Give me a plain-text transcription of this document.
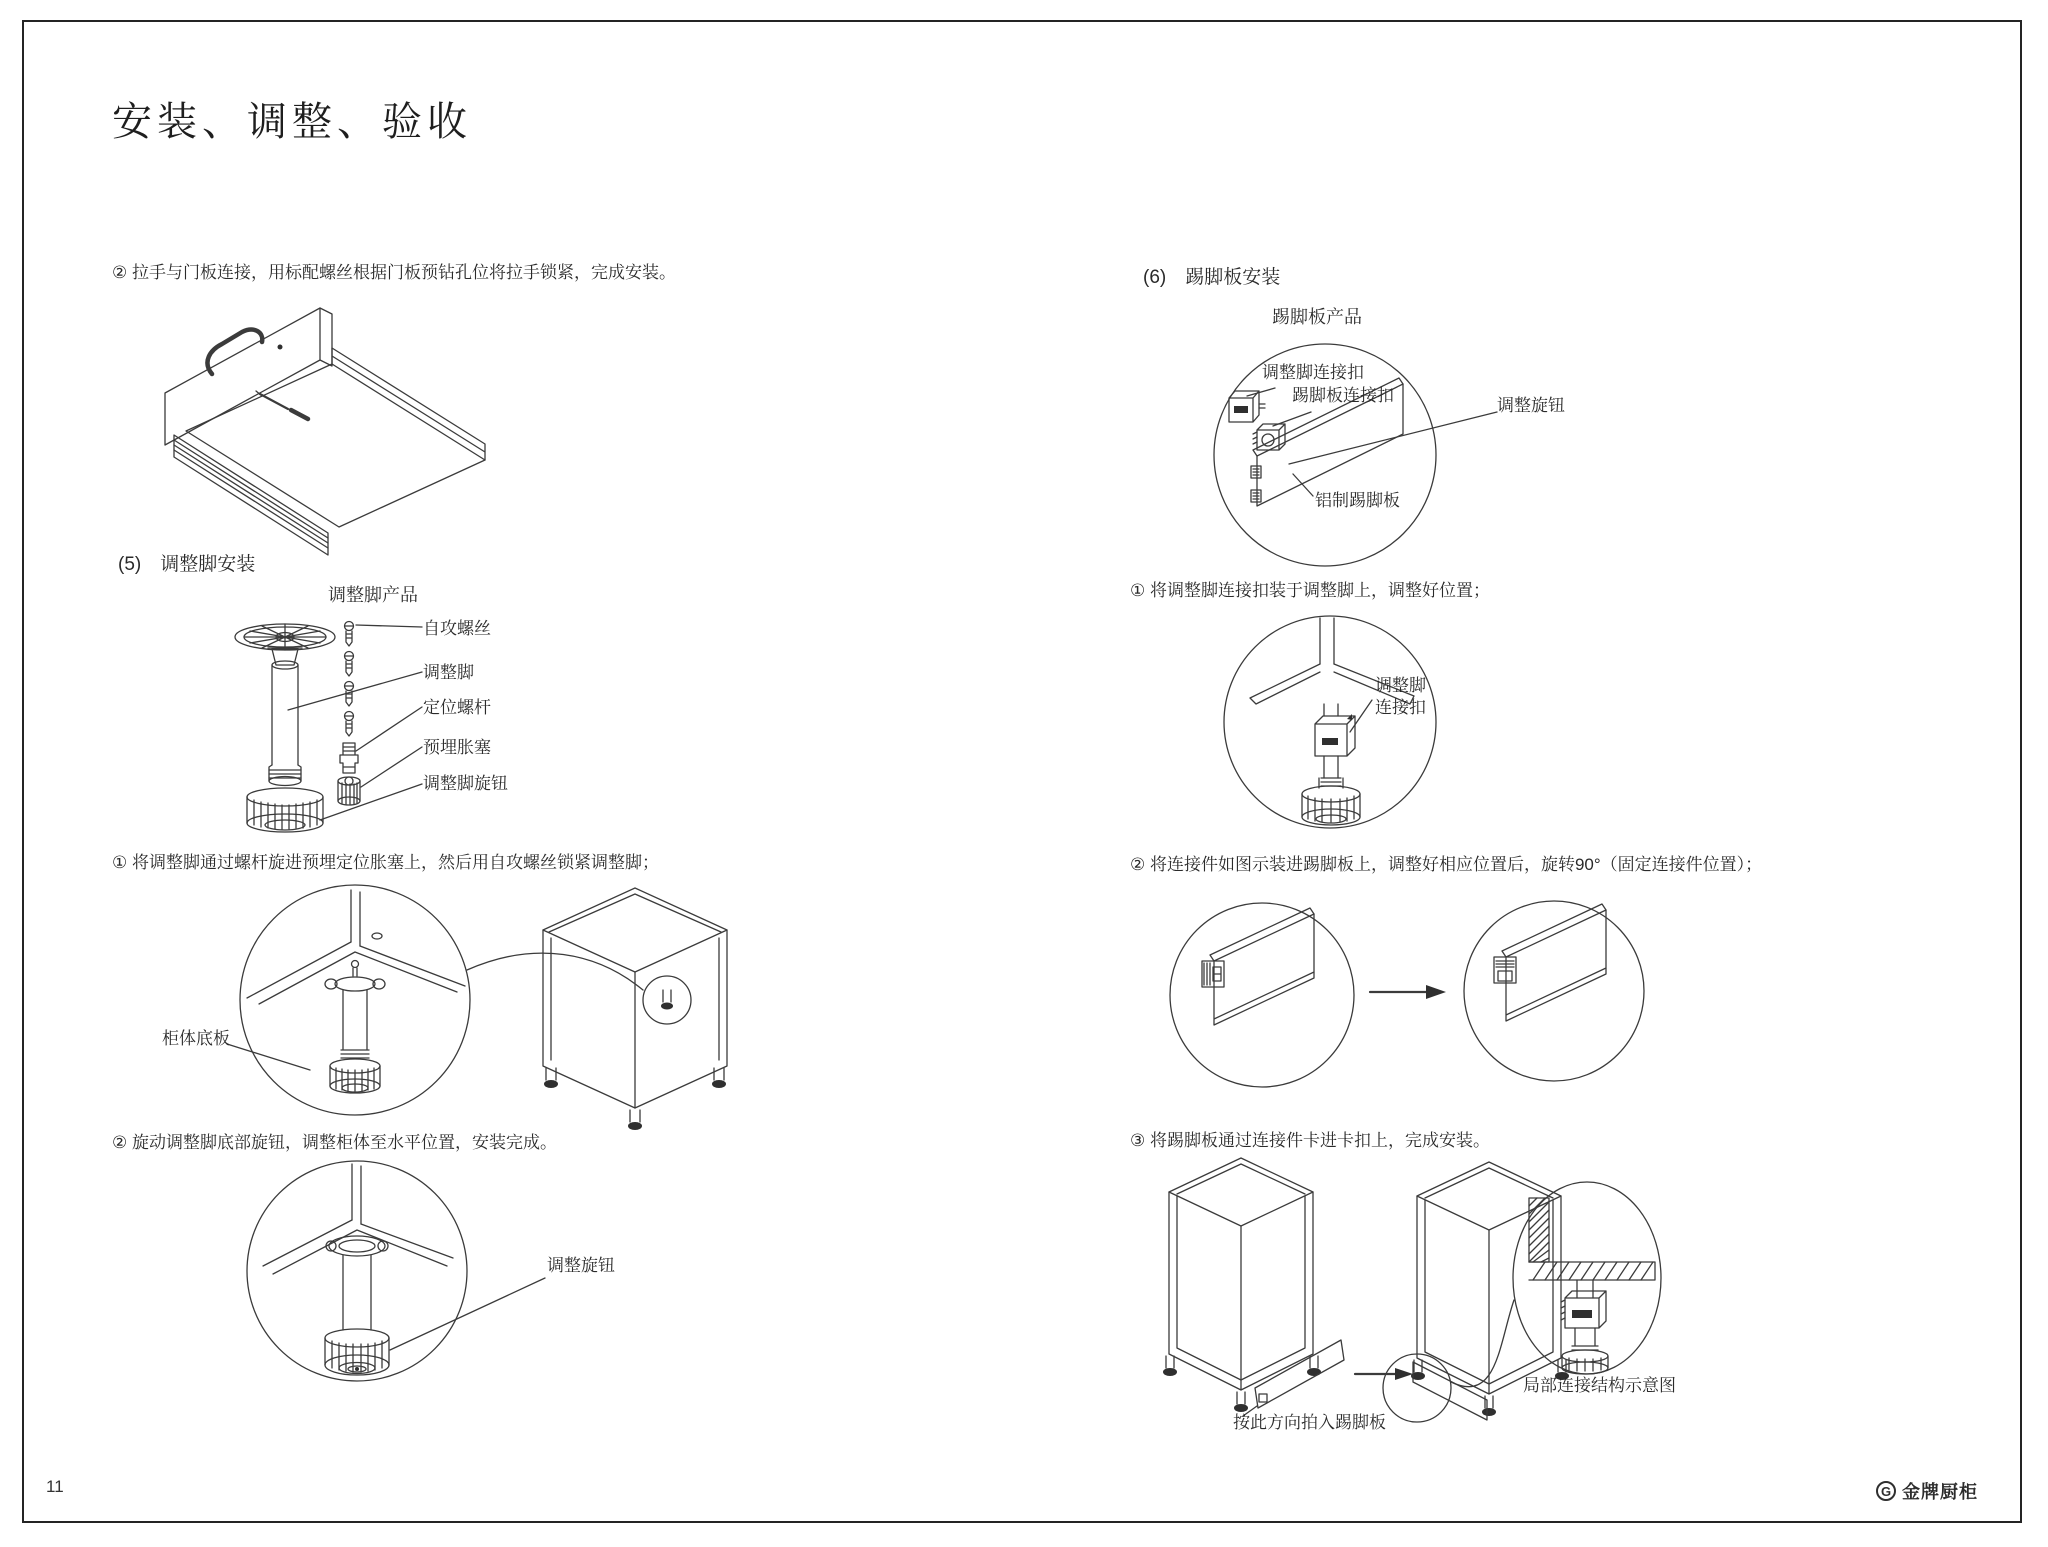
安装、调整、验收
② 拉手与门板连接，用标配螺丝根据门板预钻孔位将拉手锁紧，完成安装。
(5)　调整脚安装
调整脚产品
自攻螺丝
调整脚
定位螺杆
预埋胀塞
调整脚旋钮
① 将调整脚通过螺杆旋进预埋定位胀塞上，然后用自攻螺丝锁紧调整脚；
柜体底板
② 旋动调整脚底部旋钮，调整柜体至水平位置，安装完成。
调整旋钮
(6)　踢脚板安装
踢脚板产品
调整脚连接扣
踢脚板连接扣
调整旋钮
铝制踢脚板
① 将调整脚连接扣装于调整脚上，调整好位置；
调整脚
连接扣
② 将连接件如图示装进踢脚板上，调整好相应位置后，旋转90°（固定连接件位置）；
③ 将踢脚板通过连接件卡进卡扣上，完成安装。
按此方向拍入踢脚板
局部连接结构示意图
11	G 金牌厨柜
